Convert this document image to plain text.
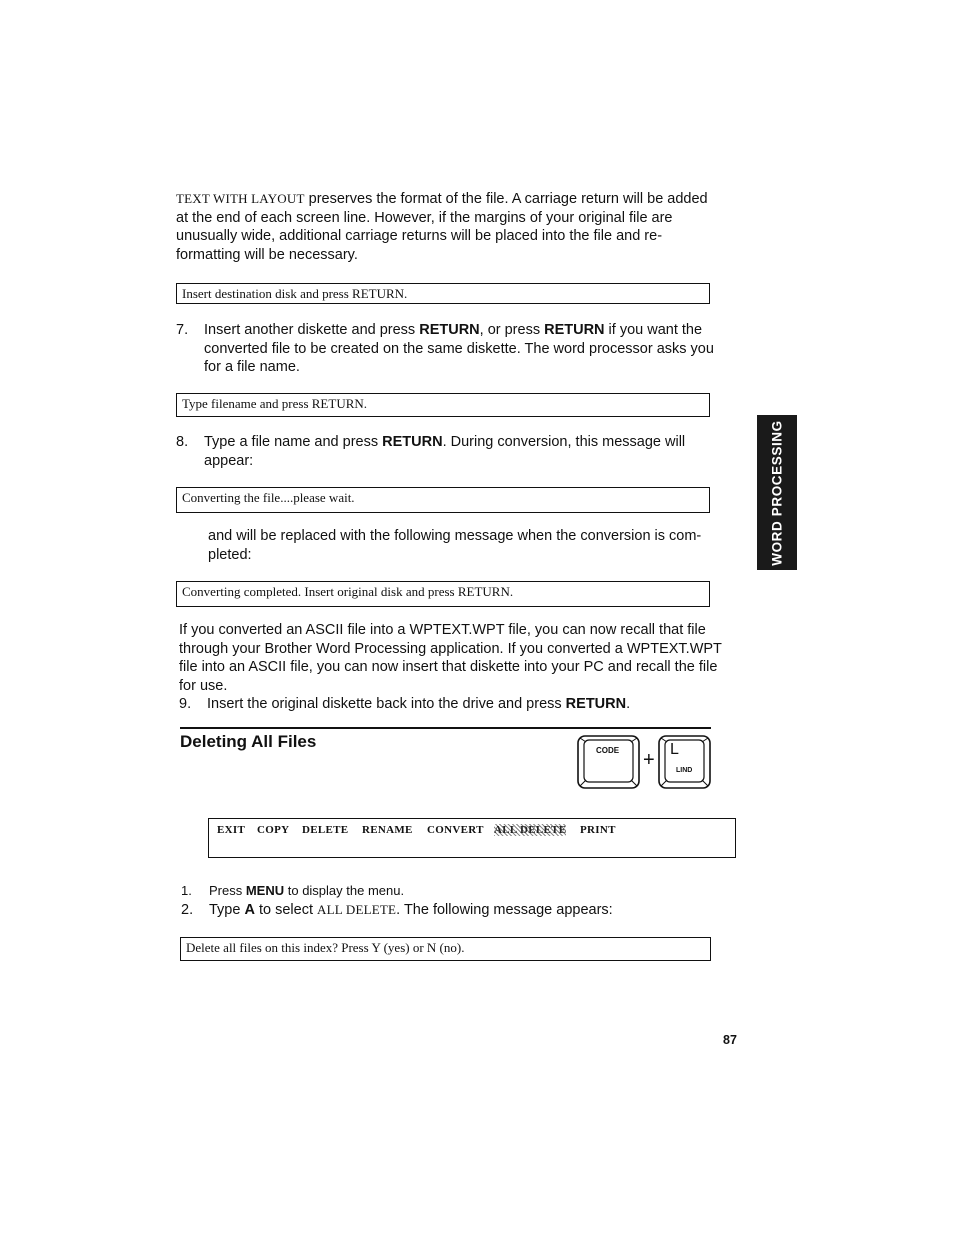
TEXT WITH LAYOUT preserves the format of the file. A carriage return will be added
at the end of each screen line. However, if the margins of your original file are
unusually wide, additional carriage returns will be placed into the file and re-
formatting will be necessary.
Insert destination disk and press RETURN.
7. Insert another diskette and press RETURN, or press RETURN if you want the
converted file to be created on the same diskette. The word processor asks you
for a file name.
Type filename and press RETURN.
8. Type a file name and press RETURN. During conversion, this message will
appear:
Converting the file....please wait.
and will be replaced with the following message when the conversion is com-
pleted:
Converting completed. Insert original disk and press RETURN.
If you converted an ASCII file into a WPTEXT.WPT file, you can now recall that file
through your Brother Word Processing application. If you converted a WPTEXT.WPT
file into an ASCII file, you can now insert that diskette into your PC and recall the file
for use.
9. Insert the original diskette back into the drive and press RETURN.
WORD PROCESSING
Deleting All Files	CODE + L
LIND
EXIT COPY DELETE RENAME CONVERT ALL DELETE PRINT
1. Press MENU to display the menu.
2. Type A to select ALL DELETE. The following message appears:
Delete all files on this index? Press Y (yes) or N (no).
87
